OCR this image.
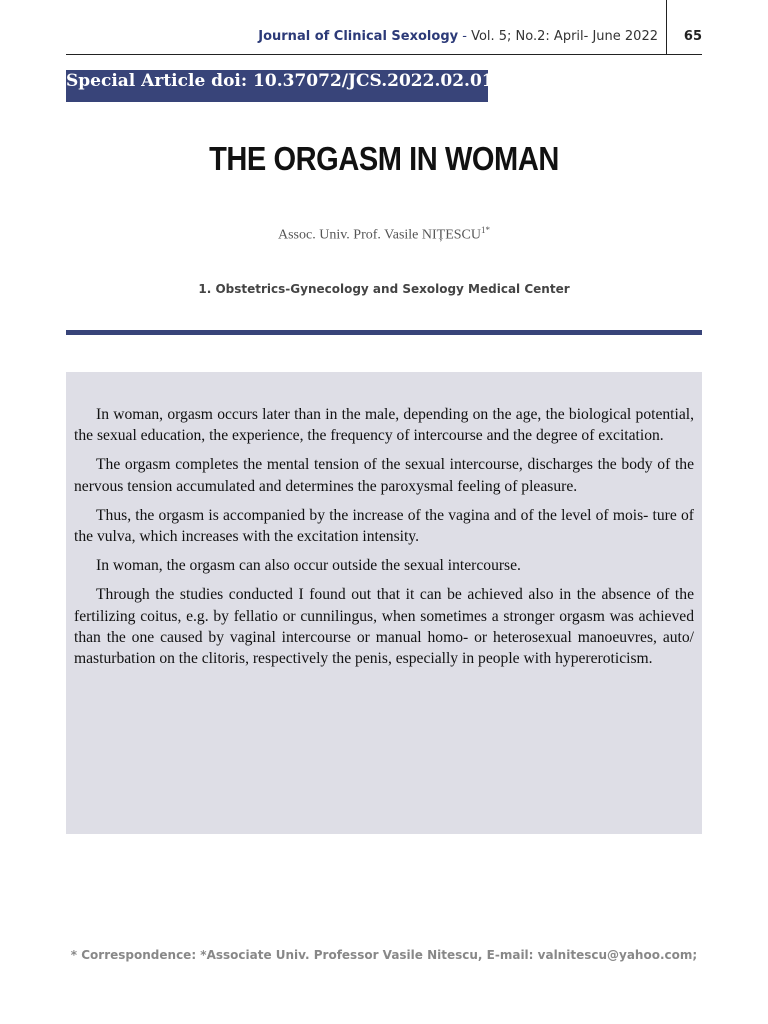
Journal of Clinical Sexology - Vol. 5; No.2: April- June 2022 65
Special Article doi: 10.37072/JCS.2022.02.01
THE ORGASM IN WOMAN
Assoc. Univ. Prof. Vasile $NIȚESCU^{1*}$
1. Obstetrics-Gynecology and Sexology Medical Center

In woman, orgasm occurs later than in the male, depending on the age, the biological potential, the sexual education, the experience, the frequency of intercourse and the degree of excitation.

The orgasm completes the mental tension of the sexual intercourse, discharges the body of the nervous tension accumulated and determines the paroxysmal feeling of pleasure.

Thus, the orgasm is accompanied by the increase of the vagina and of the level of mois- ture of the vulva, which increases with the excitation intensity.

In woman, the orgasm can also occur outside the sexual intercourse.

Through the studies conducted I found out that it can be achieved also in the absence of the fertilizing coitus, e.g. by fellatio or cunnilingus, when sometimes a stronger orgasm was achieved than the one caused by vaginal intercourse or manual homo- or heterosexual manoeuvres, auto/ masturbation on the clitoris, respectively the penis, especially in people with hypereroticism.

* Correspondence: *Associate Univ. Professor Vasile Nitescu, E-mail: valnitescu@yahoo.com;
